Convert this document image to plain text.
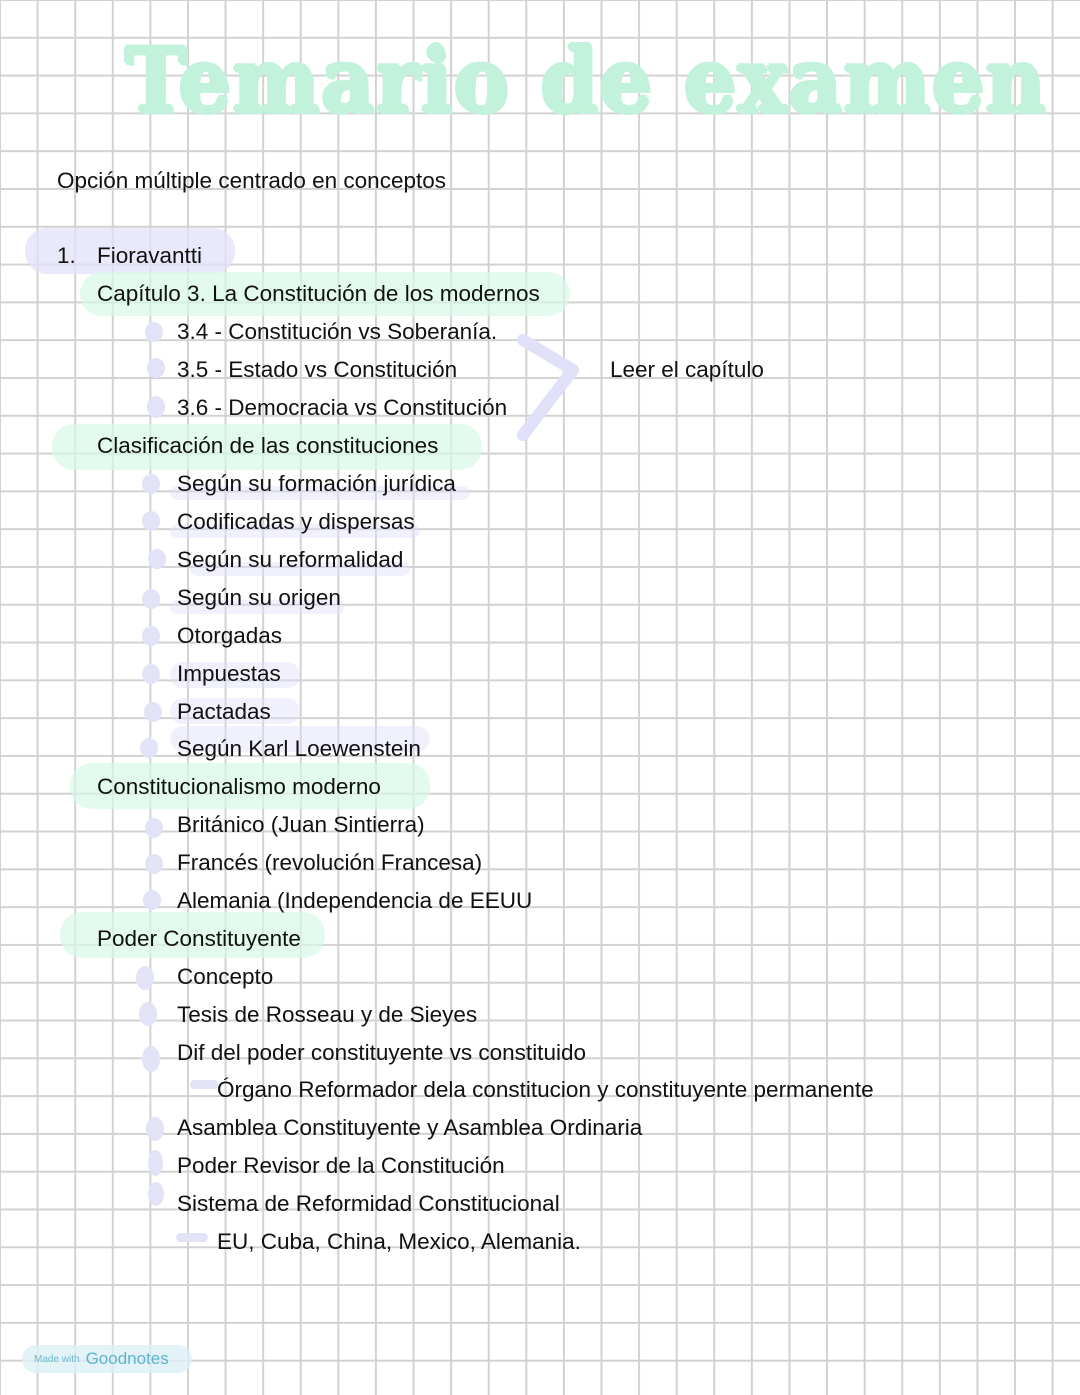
Temario de examen
Opción múltiple centrado en conceptos
1. Fioravantti
Capítulo 3. La Constitución de los modernos
3.4 - Constitución vs Soberanía.
3.5 - Estado vs Constitución
3.6 - Democracia vs Constitución
Leer el capítulo
Clasificación de las constituciones
Según su formación jurídica
Codificadas y dispersas
Según su reformalidad
Según su origen
Otorgadas
Impuestas
Pactadas
Según Karl Loewenstein
Constitucionalismo moderno
Británico (Juan Sintierra)
Francés (revolución Francesa)
Alemania (Independencia de EEUU
Poder Constituyente
Concepto
Tesis de Rosseau y de Sieyes
Dif del poder constituyente vs constituido
Órgano Reformador dela constitucion y constituyente permanente
Asamblea Constituyente y Asamblea Ordinaria
Poder Revisor de la Constitución
Sistema de Reformidad Constitucional
EU, Cuba, China, Mexico, Alemania.
Made with Goodnotes
